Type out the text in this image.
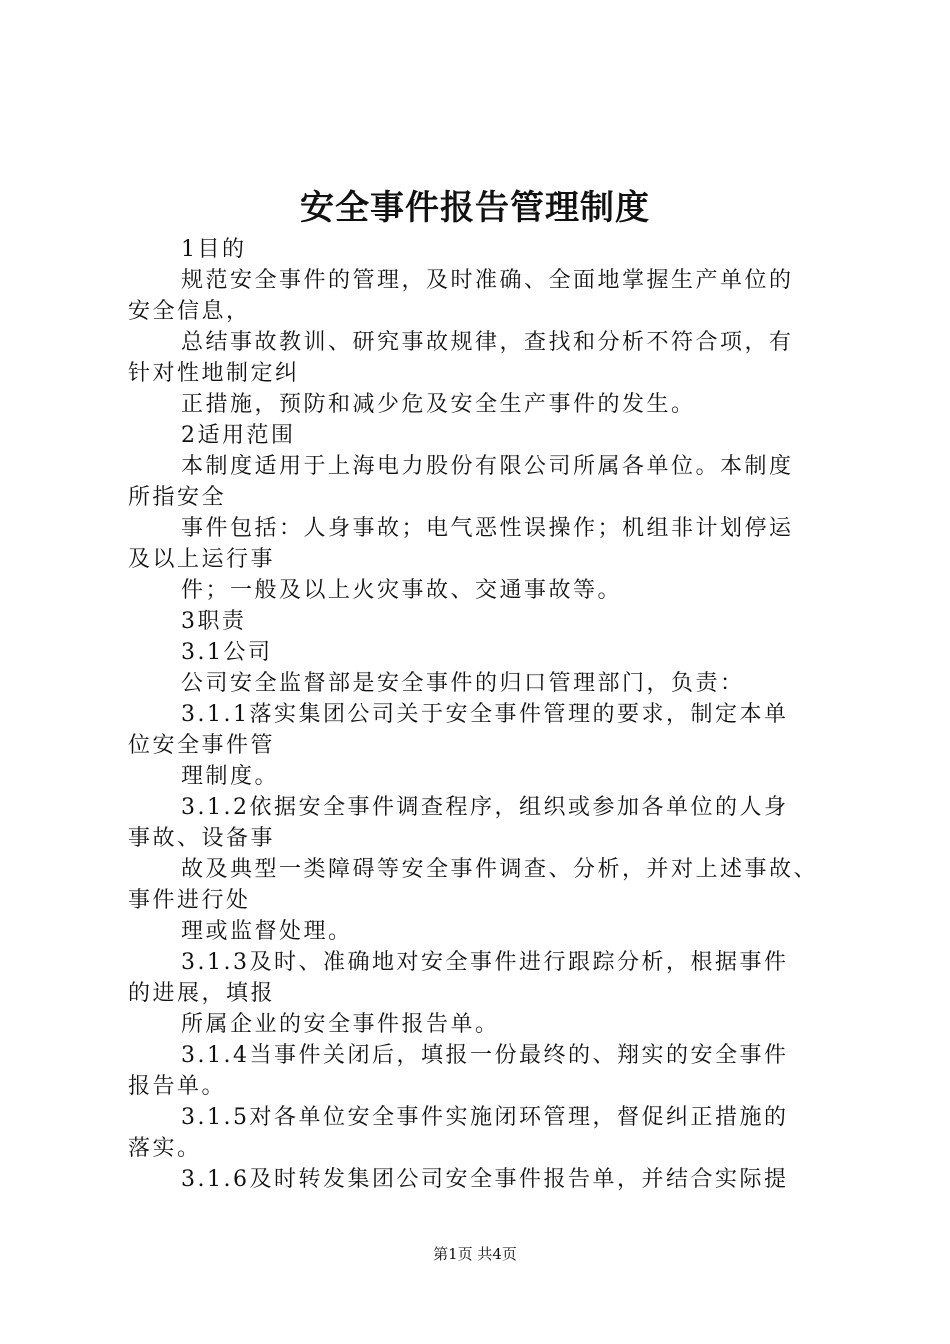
安全事件报告管理制度
1目的
规范安全事件的管理，及时准确、全面地掌握生产单位的
安全信息，
总结事故教训、研究事故规律，查找和分析不符合项，有
针对性地制定纠
正措施，预防和减少危及安全生产事件的发生。
2适用范围
本制度适用于上海电力股份有限公司所属各单位。本制度
所指安全
事件包括：人身事故；电气恶性误操作；机组非计划停运
及以上运行事
件；一般及以上火灾事故、交通事故等。
3职责
3.1公司
公司安全监督部是安全事件的归口管理部门，负责：
3.1.1落实集团公司关于安全事件管理的要求，制定本单
位安全事件管
理制度。
3.1.2依据安全事件调查程序，组织或参加各单位的人身
事故、设备事
故及典型一类障碍等安全事件调查、分析，并对上述事故、
事件进行处
理或监督处理。
3.1.3及时、准确地对安全事件进行跟踪分析，根据事件
的进展，填报
所属企业的安全事件报告单。
3.1.4当事件关闭后，填报一份最终的、翔实的安全事件
报告单。
3.1.5对各单位安全事件实施闭环管理，督促纠正措施的
落实。
3.1.6及时转发集团公司安全事件报告单，并结合实际提
第1页 共4页
